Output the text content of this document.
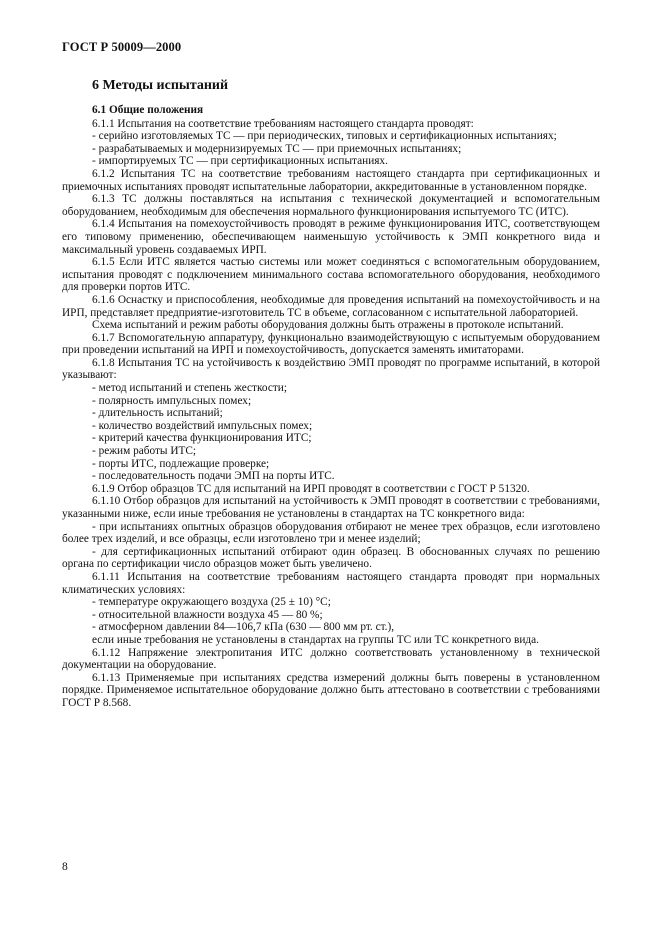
ГОСТ Р 50009—2000
6 Методы испытаний

6.1 Общие положения

6.1.1 Испытания на соответствие требованиям настоящего стандарта проводят:

- серийно изготовляемых ТС — при периодических, типовых и сертификационных испытаниях;

- разрабатываемых и модернизируемых ТС — при приемочных испытаниях;

- импортируемых ТС — при сертификационных испытаниях.

6.1.2 Испытания ТС на соответствие требованиям настоящего стандарта при сертификационных и приемочных испытаниях проводят испытательные лаборатории, аккредитованные в установленном порядке.

6.1.3 ТС должны поставляться на испытания с технической документацией и вспомогательным оборудованием, необходимым для обеспечения нормального функционирования испытуемого ТС (ИТС).

6.1.4 Испытания на помехоустойчивость проводят в режиме функционирования ИТС, соответствующем его типовому применению, обеспечивающем наименьшую устойчивость к ЭМП конкретного вида и максимальный уровень создаваемых ИРП.

6.1.5 Если ИТС является частью системы или может соединяться с вспомогательным оборудованием, испытания проводят с подключением минимального состава вспомогательного оборудования, необходимого для проверки портов ИТС.

6.1.6 Оснастку и приспособления, необходимые для проведения испытаний на помехоустойчивость и на ИРП, представляет предприятие-изготовитель ТС в объеме, согласованном с испытательной лабораторией.

Схема испытаний и режим работы оборудования должны быть отражены в протоколе испытаний.

6.1.7 Вспомогательную аппаратуру, функционально взаимодействующую с испытуемым оборудованием при проведении испытаний на ИРП и помехоустойчивость, допускается заменять имитаторами.

6.1.8 Испытания ТС на устойчивость к воздействию ЭМП проводят по программе испытаний, в которой указывают:

- метод испытаний и степень жесткости;

- полярность импульсных помех;

- длительность испытаний;

- количество воздействий импульсных помех;

- критерий качества функционирования ИТС;

- режим работы ИТС;

- порты ИТС, подлежащие проверке;

- последовательность подачи ЭМП на порты ИТС.

6.1.9 Отбор образцов ТС для испытаний на ИРП проводят в соответствии с ГОСТ Р 51320.

6.1.10 Отбор образцов для испытаний на устойчивость к ЭМП проводят в соответствии с требованиями, указанными ниже, если иные требования не установлены в стандартах на ТС конкретного вида:

- при испытаниях опытных образцов оборудования отбирают не менее трех образцов, если изготовлено более трех изделий, и все образцы, если изготовлено три и менее изделий;

- для сертификационных испытаний отбирают один образец. В обоснованных случаях по решению органа по сертификации число образцов может быть увеличено.

6.1.11 Испытания на соответствие требованиям настоящего стандарта проводят при нормальных климатических условиях:

- температуре окружающего воздуха (25 ± 10) °С;

- относительной влажности воздуха 45 — 80 %;

- атмосферном давлении 84—106,7 кПа (630 — 800 мм рт. ст.),

если иные требования не установлены в стандартах на группы ТС или ТС конкретного вида.

6.1.12 Напряжение электропитания ИТС должно соответствовать установленному в технической документации на оборудование.

6.1.13 Применяемые при испытаниях средства измерений должны быть поверены в установленном порядке. Применяемое испытательное оборудование должно быть аттестовано в соответствии с требованиями ГОСТ Р 8.568.

8
